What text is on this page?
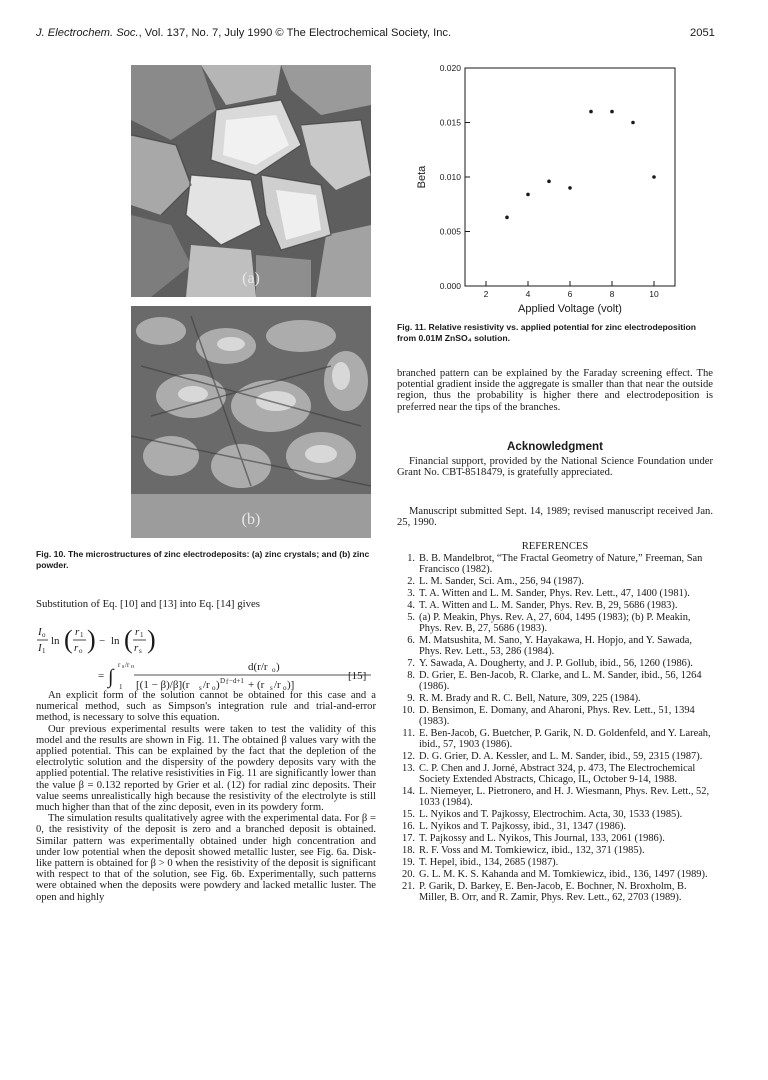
J. Electrochem. Soc., Vol. 137, No. 7, July 1990 © The Electrochemical Society, Inc.	2051
(a)
(b)
Fig. 10. The microstructures of zinc electrodeposits: (a) zinc crystals; and (b) zinc powder.
0.000
0.005
0.010
0.015
0.020
2	4	6	8	10
Beta
Applied Voltage (volt)
Fig. 11. Relative resistivity vs. applied potential for zinc electrodeposition from 0.01M ZnSO₄ solution.
branched pattern can be explained by the Faraday screening effect. The potential gradient inside the aggregate is smaller than that near the outside region, thus the probability is higher there and electrodeposition is preferred near the tips of the branches.
Acknowledgment
Financial support, provided by the National Science Foundation under Grant No. CBT-8518479, is gratefully appreciated.
Manuscript submitted Sept. 14, 1989; revised manuscript received Jan. 25, 1990.
REFERENCES
1. B. B. Mandelbrot, “The Fractal Geometry of Nature,” Freeman, San Francisco (1982).
2. L. M. Sander, Sci. Am., 256, 94 (1987).
3. T. A. Witten and L. M. Sander, Phys. Rev. Lett., 47, 1400 (1981).
4. T. A. Witten and L. M. Sander, Phys. Rev. B, 29, 5686 (1983).
5. (a) P. Meakin, Phys. Rev. A, 27, 604, 1495 (1983); (b) P. Meakin, Phys. Rev. B, 27, 5686 (1983).
6. M. Matsushita, M. Sano, Y. Hayakawa, H. Hopjo, and Y. Sawada, Phys. Rev. Lett., 53, 286 (1984).
7. Y. Sawada, A. Dougherty, and J. P. Gollub, ibid., 56, 1260 (1986).
8. D. Grier, E. Ben-Jacob, R. Clarke, and L. M. Sander, ibid., 56, 1264 (1986).
9. R. M. Brady and R. C. Bell, Nature, 309, 225 (1984).
10. D. Bensimon, E. Domany, and Aharoni, Phys. Rev. Lett., 51, 1394 (1983).
11. E. Ben-Jacob, G. Buetcher, P. Garik, N. D. Goldenfeld, and Y. Lareah, ibid., 57, 1903 (1986).
12. D. G. Grier, D. A. Kessler, and L. M. Sander, ibid., 59, 2315 (1987).
13. C. P. Chen and J. Jorné, Abstract 324, p. 473, The Electrochemical Society Extended Abstracts, Chicago, IL, October 9-14, 1988.
14. L. Niemeyer, L. Pietronero, and H. J. Wiesmann, Phys. Rev. Lett., 52, 1033 (1984).
15. L. Nyikos and T. Pajkossy, Electrochim. Acta, 30, 1533 (1985).
16. L. Nyikos and T. Pajkossy, ibid., 31, 1347 (1986).
17. T. Pajkossy and L. Nyikos, This Journal, 133, 2061 (1986).
18. R. F. Voss and M. Tomkiewicz, ibid., 132, 371 (1985).
19. T. Hepel, ibid., 134, 2685 (1987).
20. G. L. M. K. S. Kahanda and M. Tomkiewicz, ibid., 136, 1497 (1989).
21. P. Garik, D. Barkey, E. Ben-Jacob, E. Bochner, N. Broxholm, B. Miller, B. Orr, and R. Zamir, Phys. Rev. Lett., 62, 2703 (1989).
Substitution of Eq. [10] and [13] into Eq. [14] gives
I o
I 1
ln ( r 1
r o ) − ln ( r 1
r s )
= ∫
r s /r o
1
d(r/r o )
[(1 − β)/β](r s /r o ) D f −d+1 + (r s /r o )]
[15]
An explicit form of the solution cannot be obtained for this case and a numerical method, such as Simpson's integration rule and trial-and-error method, is necessary to solve this equation.
Our previous experimental results were taken to test the validity of this model and the results are shown in Fig. 11. The obtained β values vary with the applied potential. This can be explained by the fact that the depletion of the electrolytic solution and the dispersity of the powdery deposits vary with the applied potential. The relative resistivities in Fig. 11 are significantly lower than the value β = 0.132 reported by Grier et al. (12) for radial zinc deposits. Their value seems unrealistically high because the resistivity of the electrolyte is still much higher than that of the zinc deposit, even in its powdery form.
The simulation results qualitatively agree with the experimental data. For β = 0, the resistivity of the deposit is zero and a branched deposit is obtained. Similar pattern was experimentally obtained under high concentration and under low potential when the deposit showed metallic luster, see Fig. 6a. Disk-like pattern is obtained for β > 0 when the resistivity of the deposit is significant with respect to that of the solution, see Fig. 6b. Experimentally, such patterns were obtained when the deposits were powdery and lacked metallic luster. The open and highly
